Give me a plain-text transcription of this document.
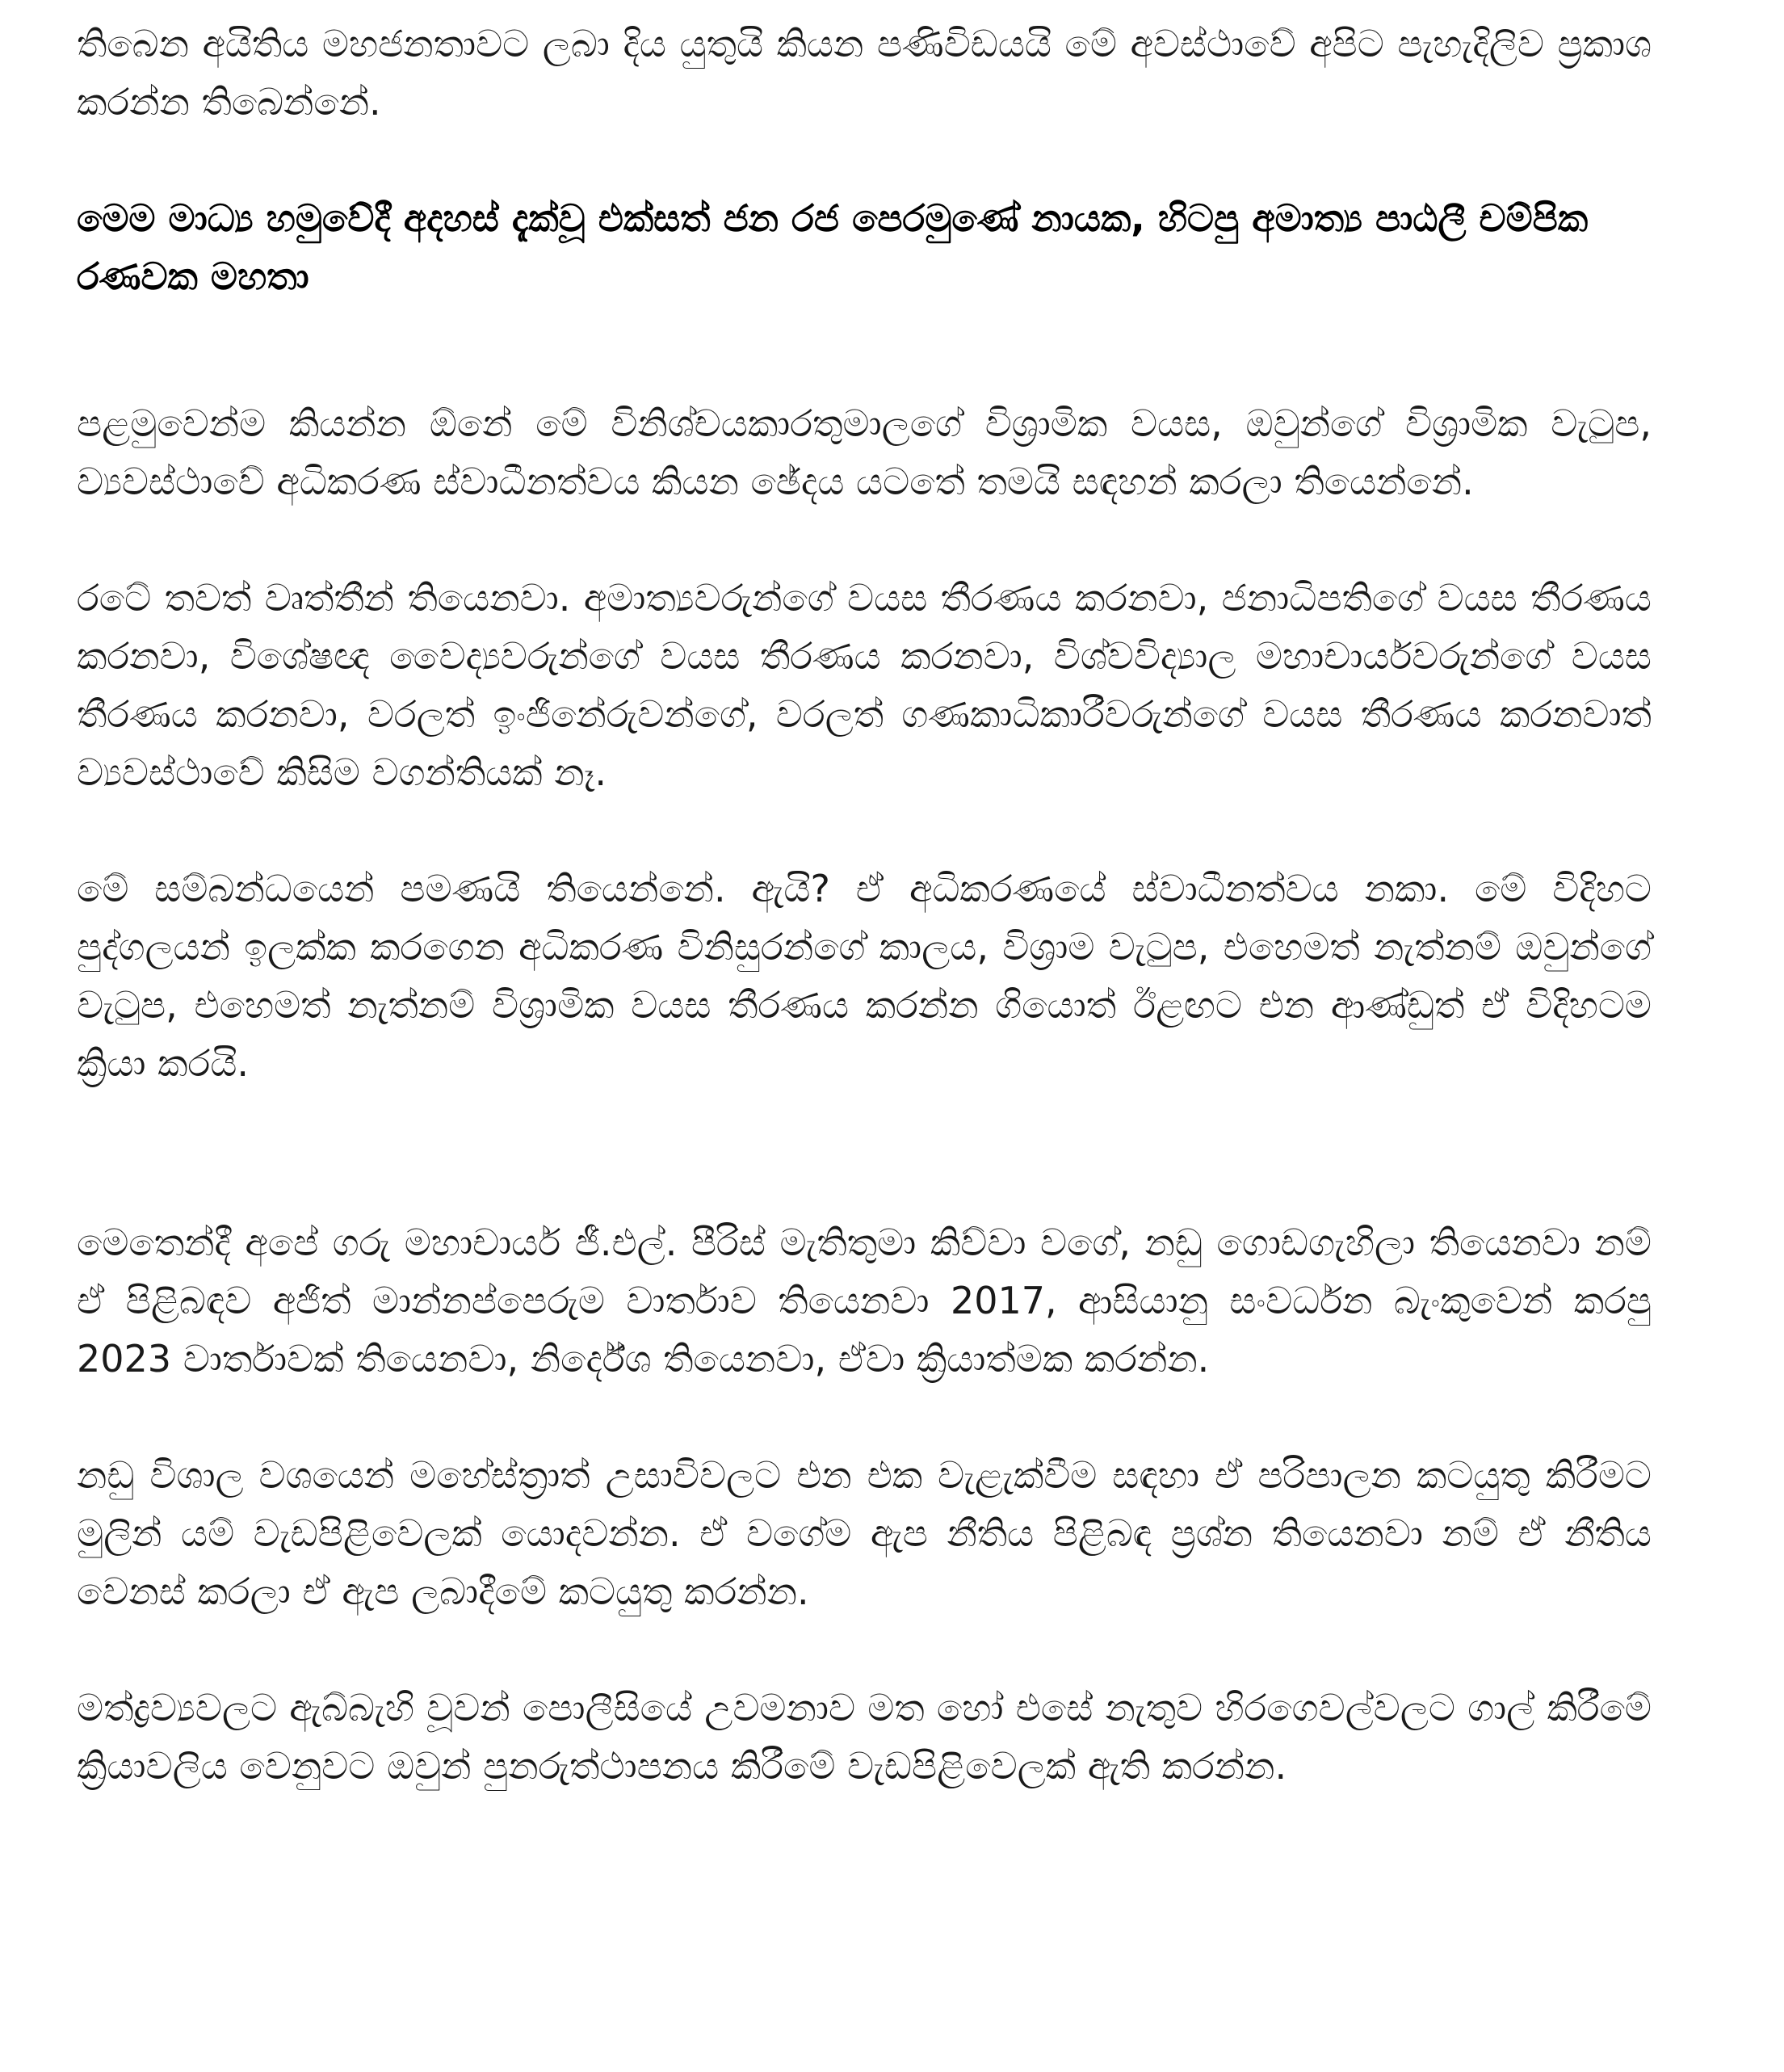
තිබෙන අයිතිය මහජනතාවට ලබා දිය යුතුයි කියන පණිවිඩයයි මේ අවස්ථාවේ අපිට පැහැදිලිව ප්‍රකාශ කරන්න තිබෙන්නේ.

මෙම මාධ්‍ය හමුවේදී අදහස් දැක්වූ එක්සත් ජන රජ පෙරමුණේ නායක, හිටපු අමාත්‍ය පාඨලී චම්පික රණවක මහතා

පළමුවෙන්ම කියන්න ඕනේ මේ විනිශ්චයකාරතුමාලගේ විශ්‍රාමික වයස, ඔවුන්ගේ විශ්‍රාමික වැටුප, ව්‍යවස්ථාවේ අධිකරණ ස්වාධීනත්වය කියන ඡේදය යටතේ තමයි සඳහන් කරලා තියෙන්නේ.

රටේ තවත් වෘත්තීන් තියෙනවා. අමාත්‍යවරුන්ගේ වයස තීරණය කරනවා, ජනාධිපතිගේ වයස තීරණය කරනවා, විශේෂඥ වෛද්‍යවරුන්ගේ වයස තීරණය කරනවා, විශ්වවිද්‍යාල මහාචාර්යවරුන්ගේ වයස තීරණය කරනවා, වරලත් ඉංජිනේරුවන්ගේ, වරලත් ගණකාධිකාරීවරුන්ගේ වයස තීරණය කරනවාත් ව්‍යවස්ථාවේ කිසිම වගන්තියක් නෑ.

මේ සම්බන්ධයෙන් පමණයි තියෙන්නේ. ඇයි? ඒ අධිකරණයේ ස්වාධීනත්වය නකා. මේ විදිහට පුද්ගලයන් ඉලක්ක කරගෙන අධිකරණ විනිසුරන්ගේ කාලය, විශ්‍රාම වැටුප, එහෙමත් නැත්නම් ඔවුන්ගේ වැටුප, එහෙමත් නැත්නම් විශ්‍රාමික වයස තීරණය කරන්න ගියොත් ඊළඟට එන ආණ්ඩුත් ඒ විදිහටම ක්‍රියා කරයි.

මෙතෙන්දී අපේ ගරු මහාචාර්ය ජී.එල්. පීරිස් මැතිතුමා කිව්වා වගේ, නඩු ගොඩගැහිලා තියෙනවා නම් ඒ පිළිබඳව අජිත් මාන්නප්පෙරුම වාර්තාව තියෙනවා 2017, ආසියානු සංවර්ධන බැංකුවෙන් කරපු 2023 වාර්තාවක් තියෙනවා, නිර්දේශ තියෙනවා, ඒවා ක්‍රියාත්මක කරන්න.

නඩු විශාල වශයෙන් මහේස්ත්‍රාත් උසාවිවලට එන එක වැළැක්වීම සඳහා ඒ පරිපාලන කටයුතු කිරීමට මුලින් යම් වැඩපිළිවෙලක් යොදවන්න. ඒ වගේම ඇප නීතිය පිළිබඳ ප්‍රශ්න තියෙනවා නම් ඒ නීතිය වෙනස් කරලා ඒ ඇප ලබාදීමේ කටයුතු කරන්න.

මත්ද්‍රව්‍යවලට ඇබ්බැහි වූවන් පොලීසියේ උවමනාව මත හෝ එසේ නැතුව හිරගෙවල්වලට ගාල් කිරීමේ ක්‍රියාවලිය වෙනුවට ඔවුන් පුනරුත්ථාපනය කිරීමේ වැඩපිළිවෙලක් ඇති කරන්න.
